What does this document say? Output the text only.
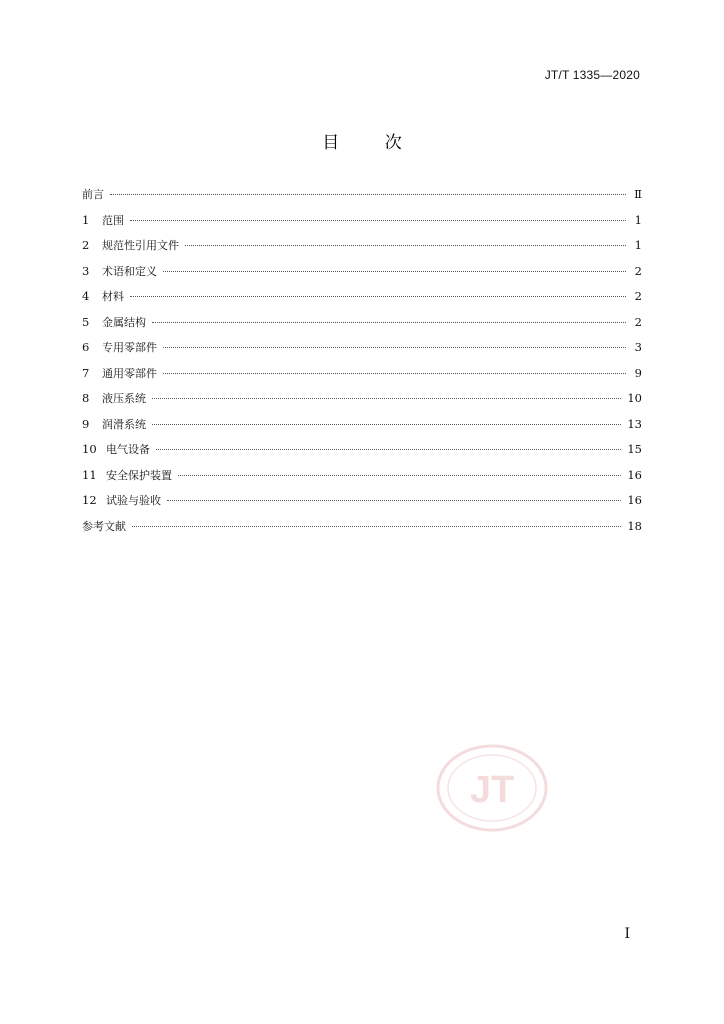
JT/T 1335—2020
目	次
前言	Ⅱ
1	范围	1
2	规范性引用文件	1
3	术语和定义	2
4	材料	2
5	金属结构	2
6	专用零部件	3
7	通用零部件	9
8	液压系统	10
9	润滑系统	13
10 电气设备	15
11 安全保护装置	16
12 试验与验收	16
参考文献	18
JT
I
